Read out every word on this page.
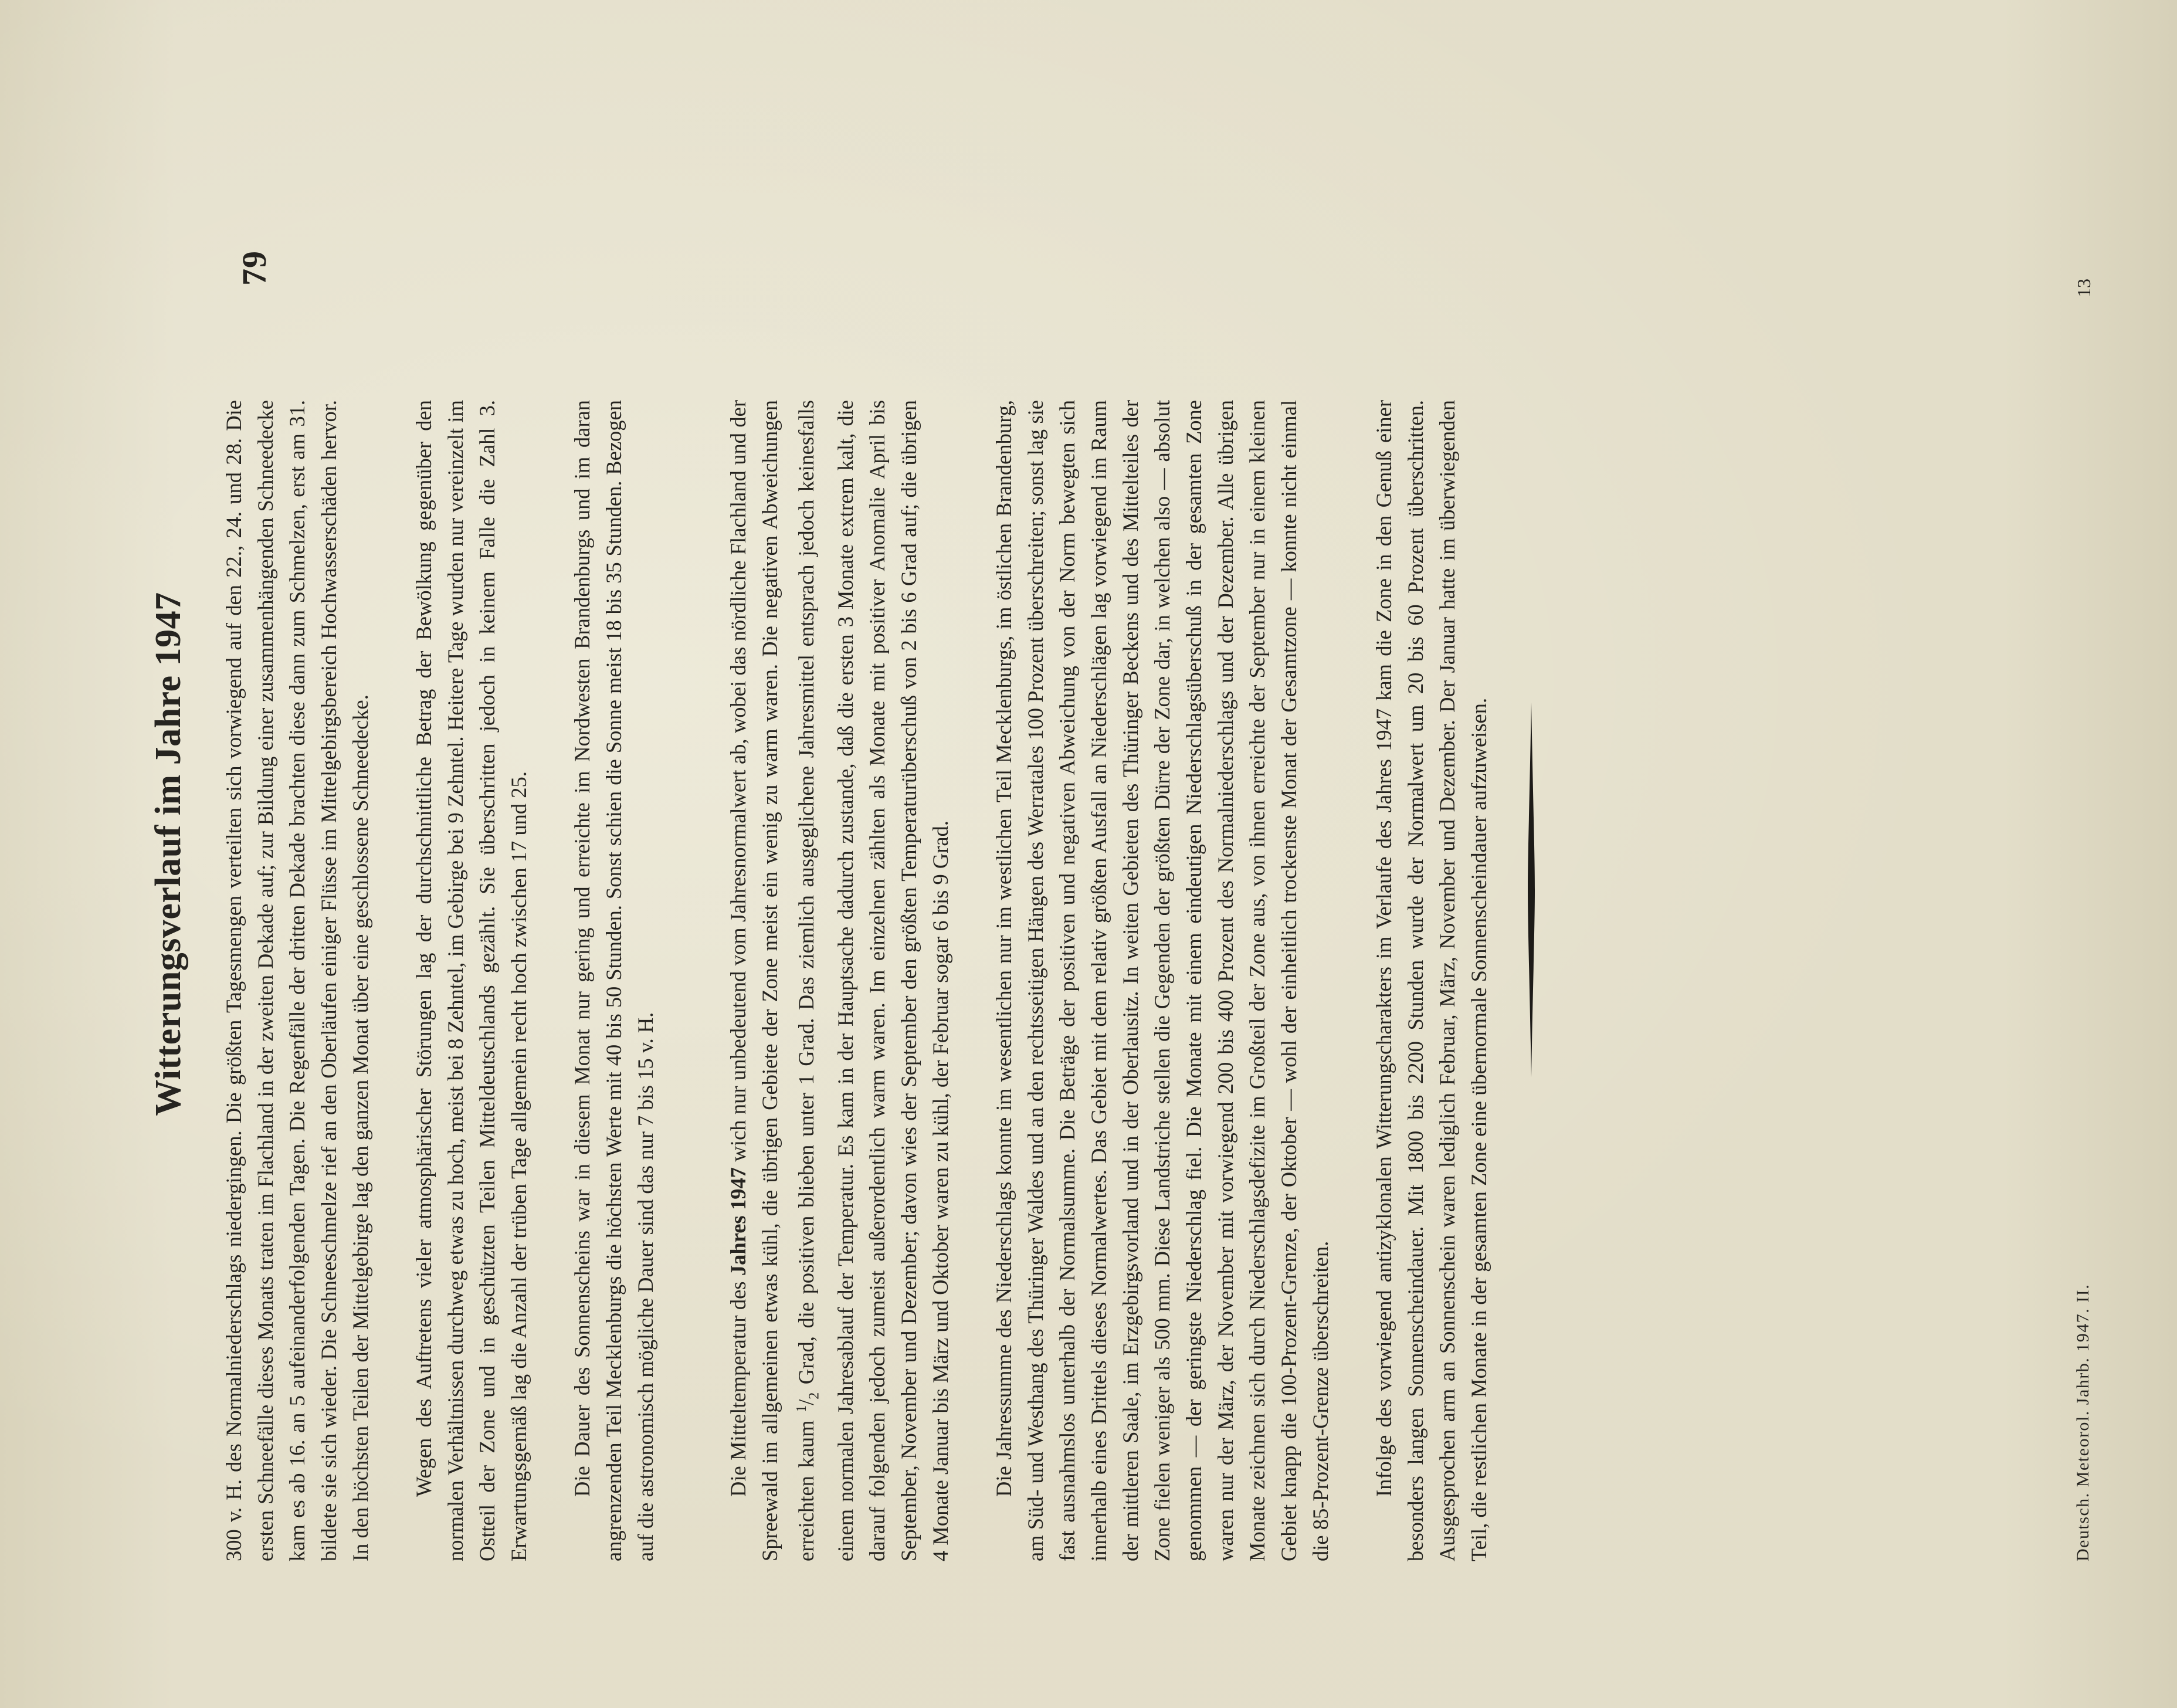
79
Witterungsverlauf im Jahre 1947 300 v. H. des Normalniederschlags niedergingen. Die größten Tagesmengen verteilten sich vorwiegend auf den 22., 24. und 28. Die ersten Schneefälle dieses Monats traten im Flachland in der zweiten Dekade auf; zur Bildung einer zusammenhängenden Schneedecke kam es ab 16. an 5 aufeinanderfolgenden Tagen. Die Regenfälle der dritten Dekade brachten diese dann zum Schmelzen, erst am 31. bildete sie sich wieder. Die Schneeschmelze rief an den Oberläufen einiger Flüsse im Mittelgebirgsbereich Hochwasserschäden hervor. In den höchsten Teilen der Mittelgebirge lag den ganzen Monat über eine geschlossene Schneedecke. Wegen des Auftretens vieler atmosphärischer Störungen lag der durchschnittliche Betrag der Bewölkung gegenüber den normalen Verhältnissen durchweg etwas zu hoch, meist bei 8 Zehntel, im Gebirge bei 9 Zehntel. Heitere Tage wurden nur vereinzelt im Ostteil der Zone und in geschützten Teilen Mitteldeutschlands gezählt. Sie überschritten jedoch in keinem Falle die Zahl 3. Erwartungsgemäß lag die Anzahl der trüben Tage allgemein recht hoch zwischen 17 und 25. Die Dauer des Sonnenscheins war in diesem Monat nur gering und erreichte im Nordwesten Brandenburgs und im daran angrenzenden Teil Mecklenburgs die höchsten Werte mit 40 bis 50 Stunden. Sonst schien die Sonne meist 18 bis 35 Stunden. Bezogen auf die astronomisch mögliche Dauer sind das nur 7 bis 15 v. H.	Die Mitteltemperatur des Jahres 1947 wich nur unbedeutend vom Jahresnormalwert ab, wobei das nördliche Flachland und der Spreewald im allgemeinen etwas kühl, die übrigen Gebiete der Zone meist ein wenig zu warm waren. Die negativen Abweichungen erreichten kaum $^1/_2$ Grad, die positiven blieben unter 1 Grad. Das ziemlich ausgeglichene Jahresmittel entsprach jedoch keinesfalls einem normalen Jahresablauf der Temperatur. Es kam in der Hauptsache dadurch zustande, daß die ersten 3 Monate extrem kalt, die darauf folgenden jedoch zumeist außerordentlich warm waren. Im einzelnen zählten als Monate mit positiver Anomalie April bis September, November und Dezember; davon wies der September den größten Temperaturüberschuß von 2 bis 6 Grad auf; die übrigen 4 Monate Januar bis März und Oktober waren zu kühl, der Februar sogar 6 bis 9 Grad. Die Jahressumme des Niederschlags konnte im wesentlichen nur im westlichen Teil Mecklenburgs, im östlichen Brandenburg, am Süd- und Westhang des Thüringer Waldes und an den rechtsseitigen Hängen des Werratales 100 Prozent überschreiten; sonst lag sie fast ausnahmslos unterhalb der Normalsumme. Die Beträge der positiven und negativen Abweichung von der Norm bewegten sich innerhalb eines Drittels dieses Normalwertes. Das Gebiet mit dem relativ größten Ausfall an Niederschlägen lag vorwiegend im Raum der mittleren Saale, im Erzgebirgsvorland und in der Oberlausitz. In weiten Gebieten des Thüringer Beckens und des Mittelteiles der Zone fielen weniger als 500 mm. Diese Landstriche stellen die Gegenden der größten Dürre der Zone dar, in welchen also — absolut genommen — der geringste Niederschlag fiel. Die Monate mit einem eindeutigen Niederschlagsüberschuß in der gesamten Zone waren nur der März, der November mit vorwiegend 200 bis 400 Prozent des Normalniederschlags und der Dezember. Alle übrigen Monate zeichnen sich durch Niederschlagsdefizite im Großteil der Zone aus, von ihnen erreichte der September nur in einem kleinen Gebiet knapp die 100-Prozent-Grenze, der Oktober — wohl der einheitlich trockenste Monat der Gesamtzone — konnte nicht einmal die 85-Prozent-Grenze überschreiten. Infolge des vorwiegend antizyklonalen Witterungscharakters im Verlaufe des Jahres 1947 kam die Zone in den Genuß einer besonders langen Sonnenscheindauer. Mit 1800 bis 2200 Stunden wurde der Normalwert um 20 bis 60 Prozent überschritten. Ausgesprochen arm an Sonnenschein waren lediglich Februar, März, November und Dezember. Der Januar hatte im überwiegenden Teil, die restlichen Monate in der gesamten Zone eine übernormale Sonnenscheindauer aufzuweisen.	Deutsch. Meteorol. Jahrb. 1947. II.
13
